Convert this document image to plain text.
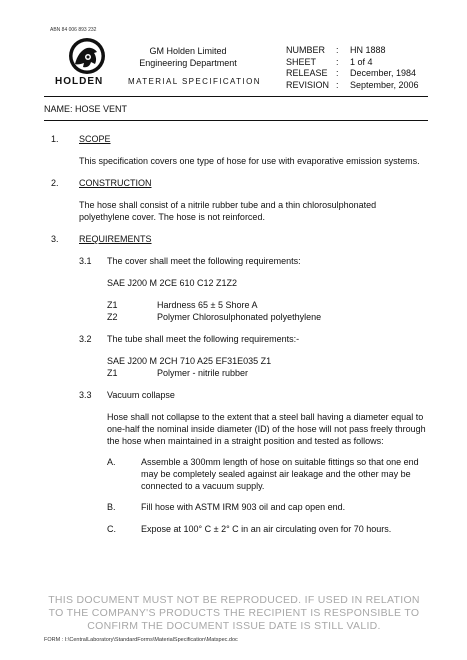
ABN 84 006 893 232
HOLDEN
GM Holden Limited
Engineering Department
MATERIAL SPECIFICATION
NUMBER	:	HN 1888
SHEET	:	1 of 4
RELEASE :	December, 1984
REVISION :	September, 2006
NAME: HOSE VENT
1. SCOPE
This specification covers one type of hose for use with evaporative emission systems.
2. CONSTRUCTION
The hose shall consist of a nitrile rubber tube and a thin chlorosulphonated
polyethylene cover. The hose is not reinforced.
3. REQUIREMENTS
3.1 The cover shall meet the following requirements:
SAE J200 M 2CE 610 C12 Z1Z2
Z1	Hardness 65 ± 5 Shore A
Z2	Polymer Chlorosulphonated polyethylene
3.2 The tube shall meet the following requirements:-
SAE J200 M 2CH 710 A25 EF31E035 Z1
Z1	Polymer - nitrile rubber
3.3 Vacuum collapse
Hose shall not collapse to the extent that a steel ball having a diameter equal to
one-half the nominal inside diameter (ID) of the hose will not pass freely through
the hose when maintained in a straight position and tested as follows:
A.	Assemble a 300mm length of hose on suitable fittings so that one end
may be completely sealed against air leakage and the other may be
connected to a vacuum supply.
B.	Fill hose with ASTM IRM 903 oil and cap open end.
C.	Expose at 100° C ± 2° C in an air circulating oven for 70 hours.
THIS DOCUMENT MUST NOT BE REPRODUCED. IF USED IN RELATION
TO THE COMPANY'S PRODUCTS THE RECIPIENT IS RESPONSIBLE TO
CONFIRM THE DOCUMENT ISSUE DATE IS STILL VALID.
FORM : I:\CentralLaboratory\StandardForms\MaterialSpecification\Matspec.doc
